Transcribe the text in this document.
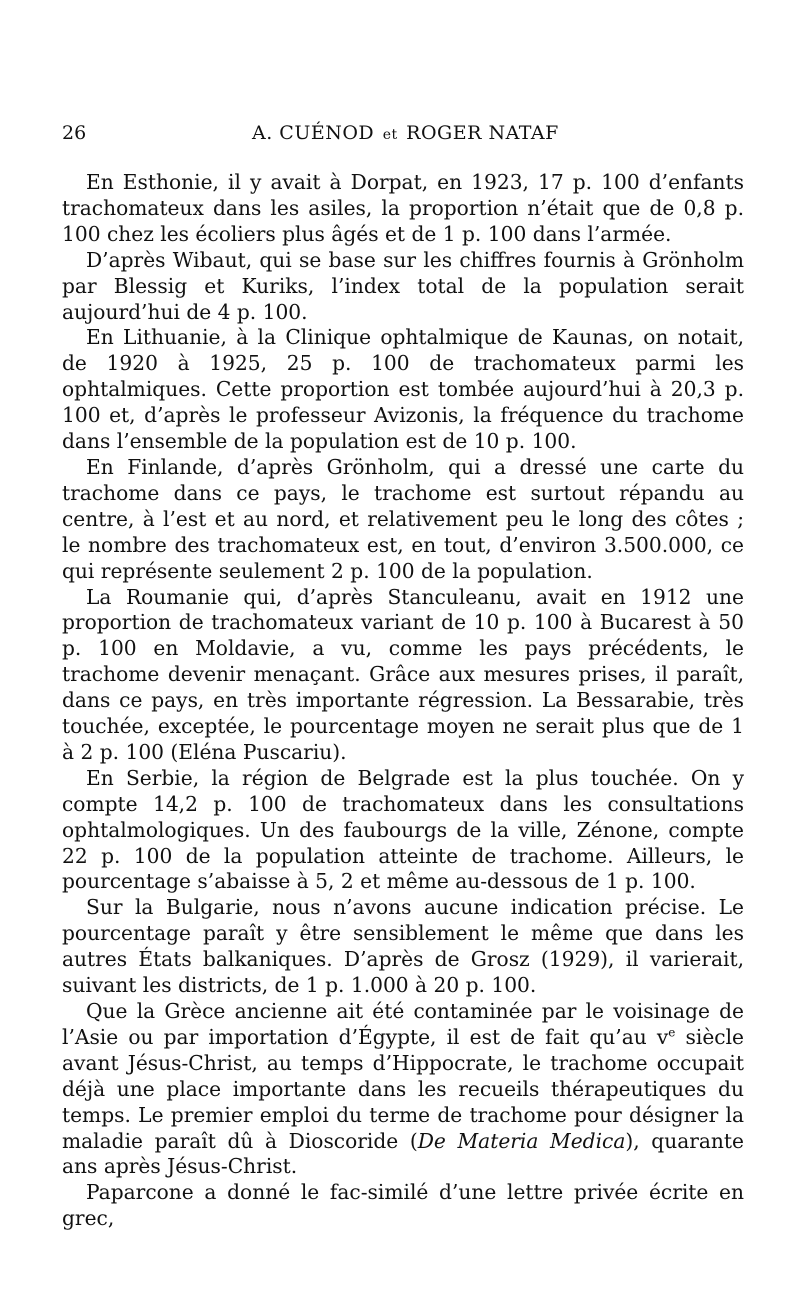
26	A. CUÉNOD et ROGER NATAF

En Esthonie, il y avait à Dorpat, en 1923, 17 p. 100 d’enfants trachomateux dans les asiles, la proportion n’était que de 0,8 p. 100 chez les écoliers plus âgés et de 1 p. 100 dans l’armée.

D’après Wibaut, qui se base sur les chiffres fournis à Grönholm par Blessig et Kuriks, l’index total de la population serait aujourd’hui de 4 p. 100.

En Lithuanie, à la Clinique ophtalmique de Kaunas, on notait, de 1920 à 1925, 25 p. 100 de trachomateux parmi les ophtalmiques. Cette proportion est tombée aujourd’hui à 20,3 p. 100 et, d’après le professeur Avizonis, la fréquence du trachome dans l’ensemble de la population est de 10 p. 100.

En Finlande, d’après Grönholm, qui a dressé une carte du trachome dans ce pays, le trachome est surtout répandu au centre, à l’est et au nord, et relativement peu le long des côtes ; le nombre des trachomateux est, en tout, d’environ 3.500.000, ce qui représente seulement 2 p. 100 de la population.

La Roumanie qui, d’après Stanculeanu, avait en 1912 une proportion de trachomateux variant de 10 p. 100 à Bucarest à 50 p. 100 en Moldavie, a vu, comme les pays précédents, le trachome devenir menaçant. Grâce aux mesures prises, il paraît, dans ce pays, en très importante régression. La Bessarabie, très touchée, exceptée, le pourcentage moyen ne serait plus que de 1 à 2 p. 100 (Eléna Puscariu).

En Serbie, la région de Belgrade est la plus touchée. On y compte 14,2 p. 100 de trachomateux dans les consultations ophtalmologiques. Un des faubourgs de la ville, Zénone, compte 22 p. 100 de la population atteinte de trachome. Ailleurs, le pourcentage s’abaisse à 5, 2 et même au-dessous de 1 p. 100.

Sur la Bulgarie, nous n’avons aucune indication précise. Le pourcentage paraît y être sensiblement le même que dans les autres États balkaniques. D’après de Grosz (1929), il varierait, suivant les districts, de 1 p. 1.000 à 20 p. 100.

Que la Grèce ancienne ait été contaminée par le voisinage de l’Asie ou par importation d’Égypte, il est de fait qu’au $v^e$ siècle avant Jésus-Christ, au temps d’Hippocrate, le trachome occupait déjà une place importante dans les recueils thérapeutiques du temps. Le premier emploi du terme de trachome pour désigner la maladie paraît dû à Dioscoride (De Materia Medica), quarante ans après Jésus-Christ.

Paparcone a donné le fac-similé d’une lettre privée écrite en grec,
